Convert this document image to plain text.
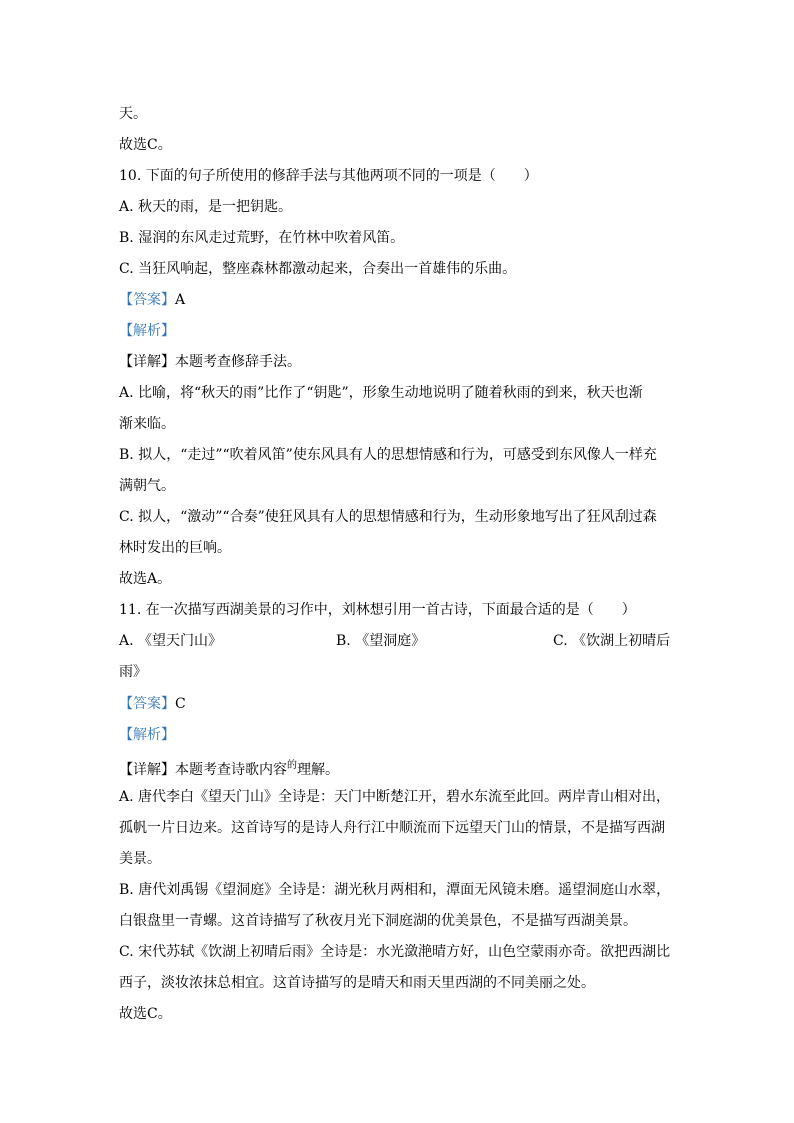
天。
故选C。
10. 下面的句子所使用的修辞手法与其他两项不同的一项是（　　）
A. 秋天的雨，是一把钥匙。
B. 湿润的东风走过荒野，在竹林中吹着风笛。
C. 当狂风响起，整座森林都激动起来，合奏出一首雄伟的乐曲。
【答案】A
【解析】
【详解】本题考查修辞手法。
A. 比喻，将“秋天的雨”比作了“钥匙”，形象生动地说明了随着秋雨的到来，秋天也渐
渐来临。
B. 拟人，“走过”“吹着风笛”使东风具有人的思想情感和行为，可感受到东风像人一样充
满朝气。
C. 拟人，“激动”“合奏”使狂风具有人的思想情感和行为，生动形象地写出了狂风刮过森
林时发出的巨响。
故选A。
11. 在一次描写西湖美景的习作中，刘林想引用一首古诗，下面最合适的是（　　）
A. 《望天门山》	B. 《望洞庭》	C. 《饮湖上初晴后
雨》
【答案】C
【解析】
【详解】本题考查诗歌内容$^的$理解。
A. 唐代李白《望天门山》全诗是：天门中断楚江开，碧水东流至此回。两岸青山相对出，
孤帆一片日边来。这首诗写的是诗人舟行江中顺流而下远望天门山的情景，不是描写西湖
美景。
B. 唐代刘禹锡《望洞庭》全诗是：湖光秋月两相和，潭面无风镜未磨。遥望洞庭山水翠，
白银盘里一青螺。这首诗描写了秋夜月光下洞庭湖的优美景色，不是描写西湖美景。
C. 宋代苏轼《饮湖上初晴后雨》全诗是：水光潋滟晴方好，山色空蒙雨亦奇。欲把西湖比
西子，淡妆浓抹总相宜。这首诗描写的是晴天和雨天里西湖的不同美丽之处。
故选C。
